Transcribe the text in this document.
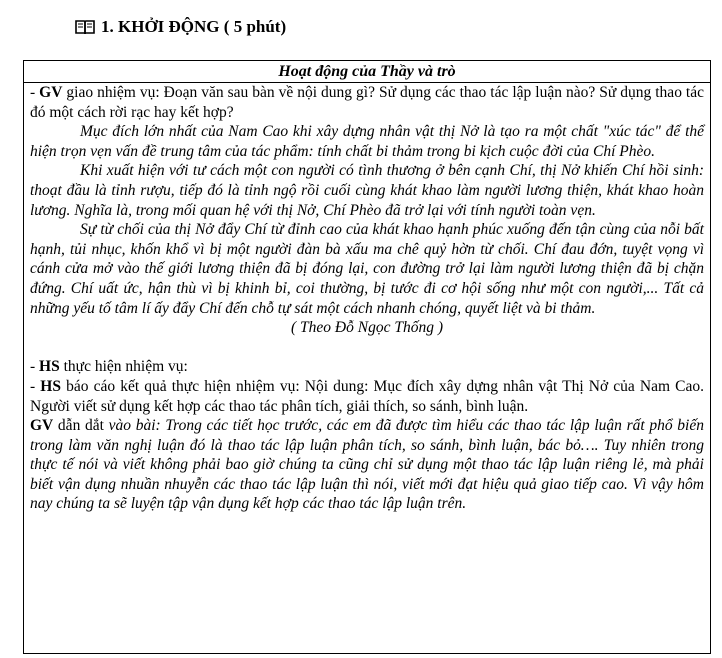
1. KHỞI ĐỘNG ( 5 phút)
Hoạt động của Thầy và trò

- GV giao nhiệm vụ: Đoạn văn sau bàn về nội dung gì? Sử dụng các thao tác lập luận nào? Sử dụng thao tác đó một cách rời rạc hay kết hợp?

Mục đích lớn nhất của Nam Cao khi xây dựng nhân vật thị Nở là tạo ra một chất "xúc tác" để thể hiện trọn vẹn vấn đề trung tâm của tác phẩm: tính chất bi thảm trong bi kịch cuộc đời của Chí Phèo.

Khi xuất hiện với tư cách một con người có tình thương ở bên cạnh Chí, thị Nở khiến Chí hồi sinh: thoạt đầu là tỉnh rượu, tiếp đó là tỉnh ngộ rồi cuối cùng khát khao làm người lương thiện, khát khao hoàn lương. Nghĩa là, trong mối quan hệ với thị Nở, Chí Phèo đã trở lại với tính người toàn vẹn.

Sự từ chối của thị Nở đẩy Chí từ đỉnh cao của khát khao hạnh phúc xuống đến tận cùng của nỗi bất hạnh, tủi nhục, khốn khổ vì bị một người đàn bà xấu ma chê quỷ hờn từ chối. Chí đau đớn, tuyệt vọng vì cánh cửa mở vào thế giới lương thiện đã bị đóng lại, con đường trở lại làm người lương thiện đã bị chặn đứng. Chí uất ức, hận thù vì bị khinh bỉ, coi thường, bị tước đi cơ hội sống như một con người,... Tất cả những yếu tố tâm lí ấy đẩy Chí đến chỗ tự sát một cách nhanh chóng, quyết liệt và bi thảm.

( Theo Đỗ Ngọc Thống )

- HS thực hiện nhiệm vụ:

- HS báo cáo kết quả thực hiện nhiệm vụ: Nội dung: Mục đích xây dựng nhân vật Thị Nở của Nam Cao. Người viết sử dụng kết hợp các thao tác phân tích, giải thích, so sánh, bình luận.

GV dẫn dắt vào bài: Trong các tiết học trước, các em đã được tìm hiểu các thao tác lập luận rất phổ biến trong làm văn nghị luận đó là thao tác lập luận phân tích, so sánh, bình luận, bác bỏ…. Tuy nhiên trong thực tế nói và viết không phải bao giờ chúng ta cũng chỉ sử dụng một thao tác lập luận riêng lẻ, mà phải biết vận dụng nhuần nhuyễn các thao tác lập luận thì nói, viết mới đạt hiệu quả giao tiếp cao. Vì vậy hôm nay chúng ta sẽ luyện tập vận dụng kết hợp các thao tác lập luận trên.
